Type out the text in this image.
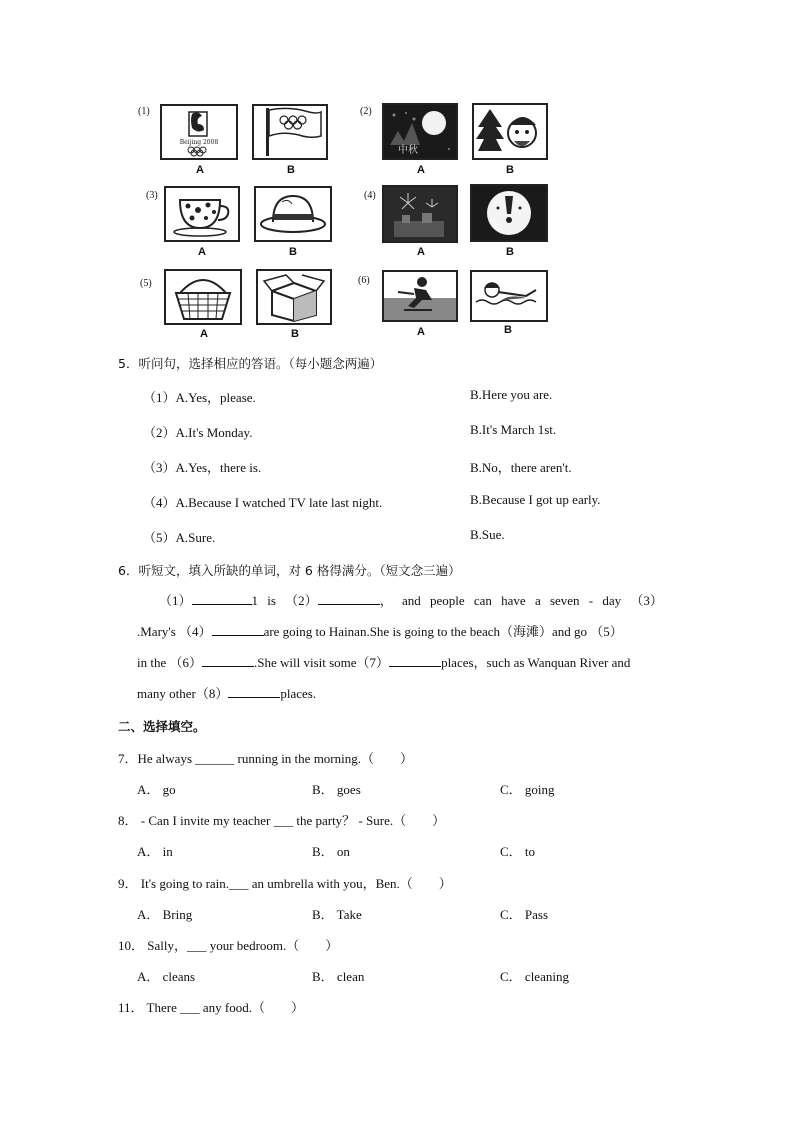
(1)
Beijing 2008
A	B
(2)
中秋
A	B
(3)
A	B
(4)
A	B
(5)
A	B
(6)
A	B
5．听问句，选择相应的答语。（每小题念两遍）
（1）A.Yes，please.	B.Here you are.
（2）A.It's Monday.	B.It's March 1st.
（3）A.Yes，there is.	B.No，there aren't.
（4）A.Because I watched TV late last night.	B.Because I got up early.
（5）A.Sure.	B.Sue.
6．听短文，填入所缺的单词，对 6 格得满分。（短文念三遍）
（1）	1 is （2）	， and people can have a seven - day （3）
.Mary's （4）	are going to Hainan.She is going to the beach（海滩）and go （5）
in the （6）	.She will visit some（7）	places，such as Wanquan River and
many other（8）	places.
二、选择填空。
7．He always ______ running in the morning.（　　）
A． go	B． goes	C． going
8． - Can I invite my teacher ___ the party？ - Sure.（　　）
A． in	B． on	C． to
9． It's going to rain.___ an umbrella with you，Ben.（　　）
A． Bring	B． Take	C． Pass
10． Sally，___ your bedroom.（　　）
A． cleans	B． clean	C． cleaning
11． There ___ any food.（　　）
